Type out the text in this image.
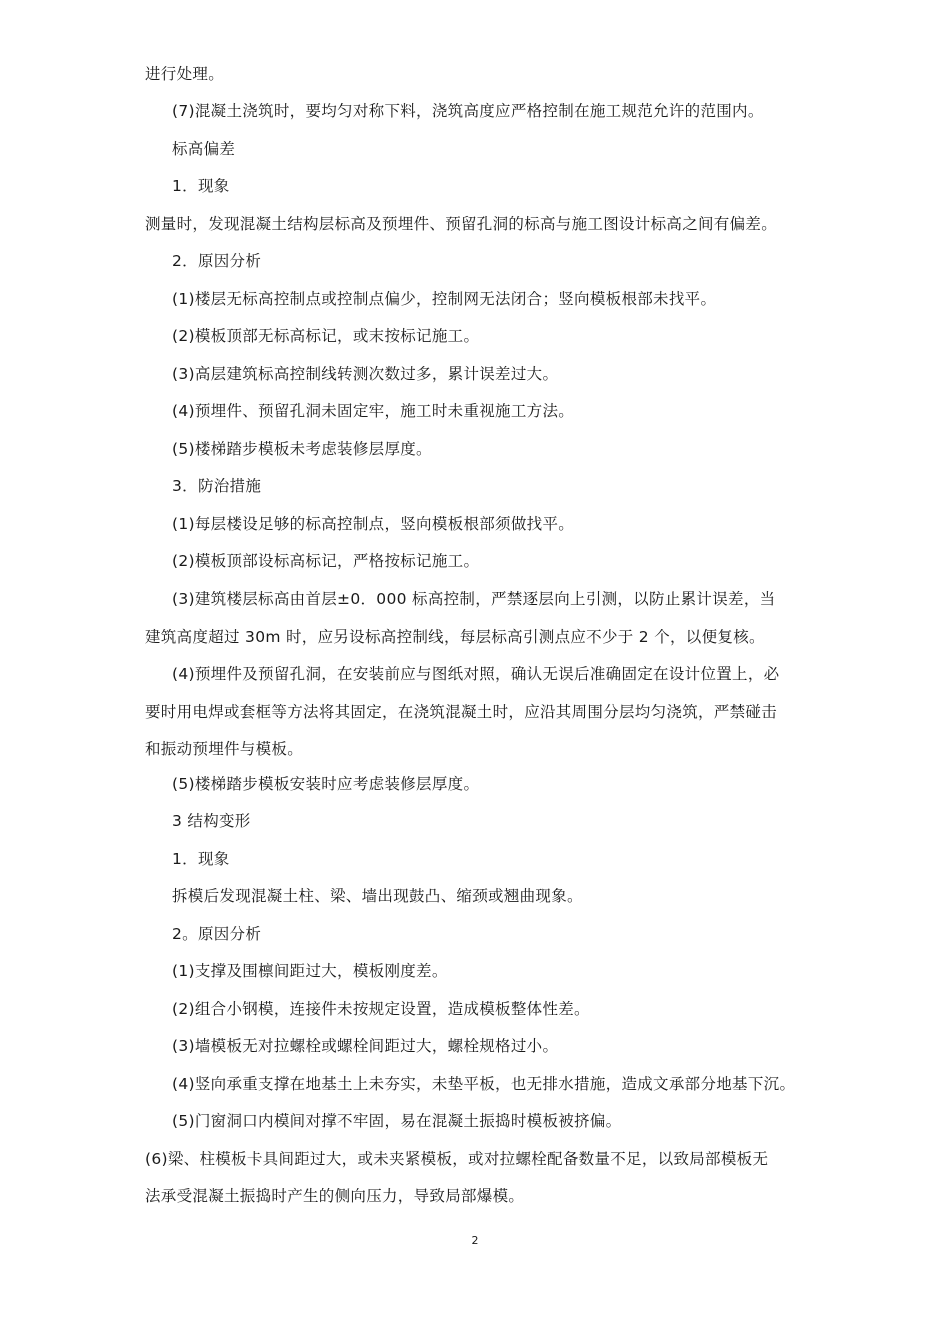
进行处理。
(7)混凝土浇筑时，要均匀对称下料，浇筑高度应严格控制在施工规范允许的范围内。
标高偏差
1．现象
测量时，发现混凝土结构层标高及预埋件、预留孔洞的标高与施工图设计标高之间有偏差。
2．原因分析
(1)楼层无标高控制点或控制点偏少，控制网无法闭合；竖向模板根部未找平。
(2)模板顶部无标高标记，或末按标记施工。
(3)高层建筑标高控制线转测次数过多，累计误差过大。
(4)预埋件、预留孔洞未固定牢，施工时未重视施工方法。
(5)楼梯踏步模板未考虑装修层厚度。
3．防治措施
(1)每层楼设足够的标高控制点，竖向模板根部须做找平。
(2)模板顶部设标高标记，严格按标记施工。
(3)建筑楼层标高由首层±0．000 标高控制，严禁逐层向上引测，以防止累计误差，当
建筑高度超过 30m 时，应另设标高控制线，每层标高引测点应不少于 2 个，以便复核。
(4)预埋件及预留孔洞，在安装前应与图纸对照，确认无误后准确固定在设计位置上，必
要时用电焊或套框等方法将其固定，在浇筑混凝土时，应沿其周围分层均匀浇筑，严禁碰击
和振动预埋件与模板。
(5)楼梯踏步模板安装时应考虑装修层厚度。
3 结构变形
1．现象
拆模后发现混凝土柱、梁、墙出现鼓凸、缩颈或翘曲现象。
2。原因分析
(1)支撑及围檩间距过大，模板刚度差。
(2)组合小钢模，连接件未按规定设置，造成模板整体性差。
(3)墙模板无对拉螺栓或螺栓间距过大，螺栓规格过小。
(4)竖向承重支撑在地基土上未夯实，未垫平板，也无排水措施，造成文承部分地基下沉。
(5)门窗洞口内模间对撑不牢固，易在混凝土振捣时模板被挤偏。
(6)梁、柱模板卡具间距过大，或未夹紧模板，或对拉螺栓配备数量不足，以致局部模板无
法承受混凝土振捣时产生的侧向压力，导致局部爆模。
2
